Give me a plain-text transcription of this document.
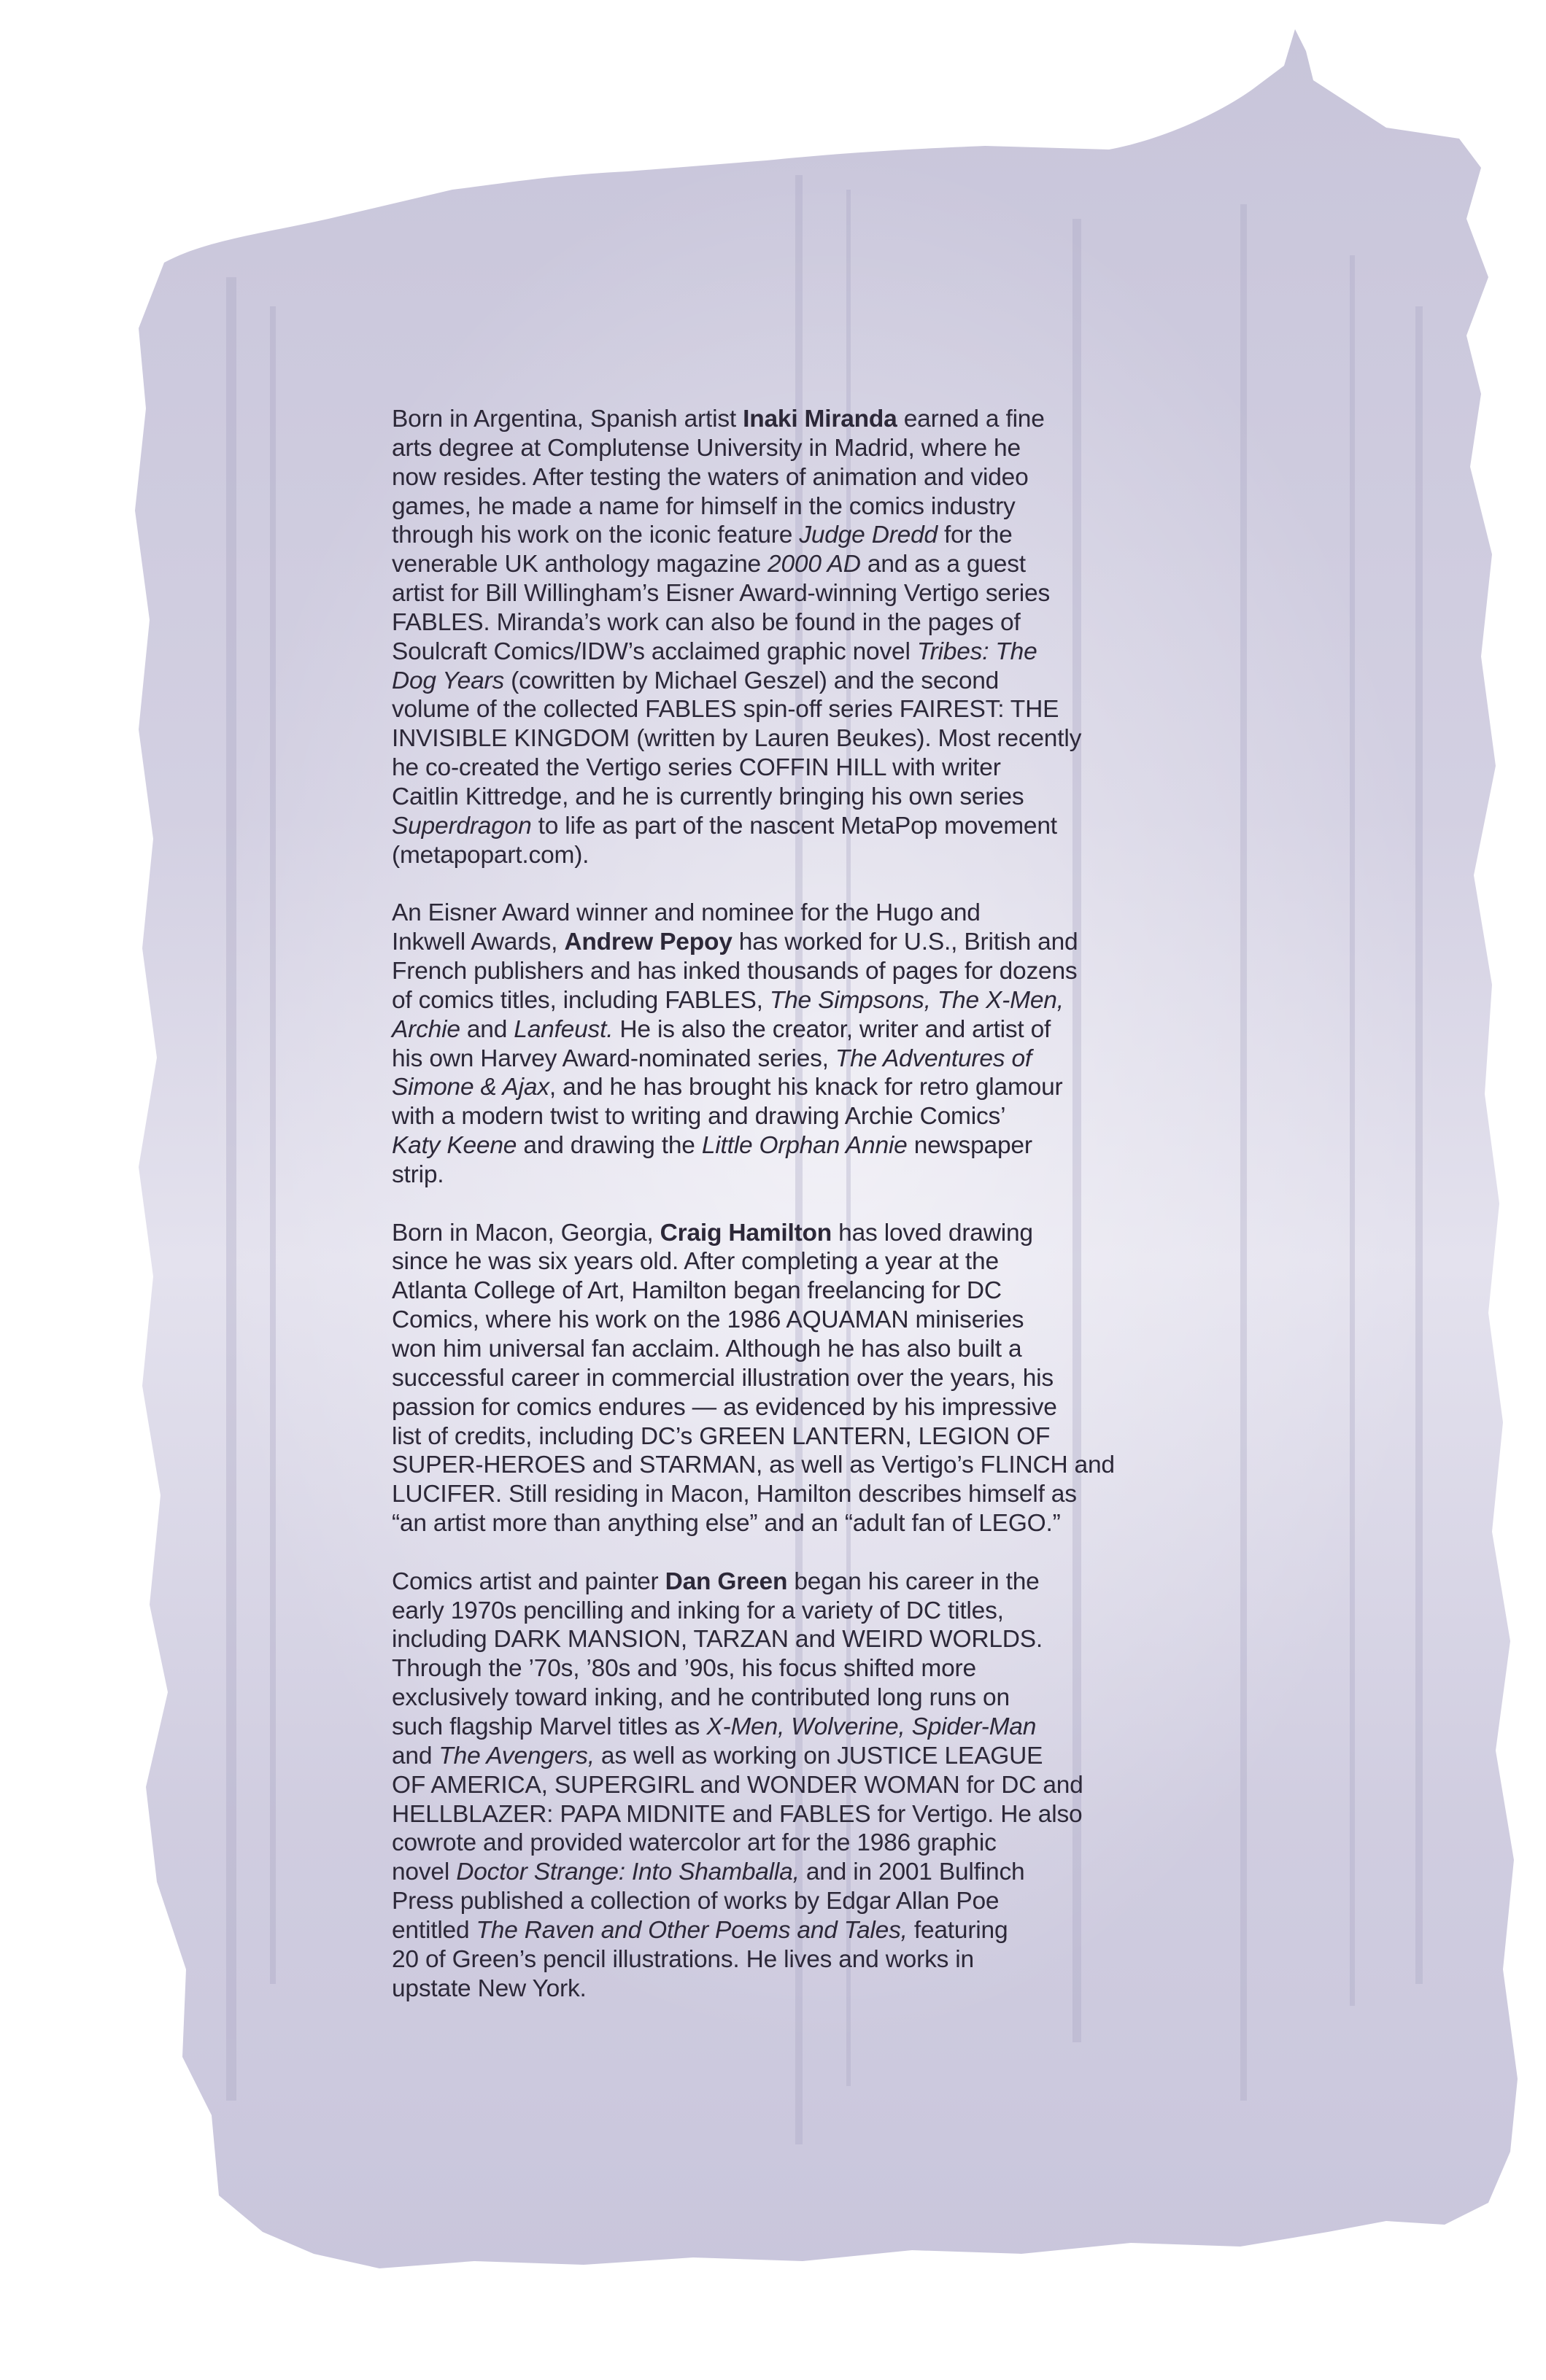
Born in Argentina, Spanish artist Inaki Miranda earned a fine
arts degree at Complutense University in Madrid, where he
now resides. After testing the waters of animation and video
games, he made a name for himself in the comics industry
through his work on the iconic feature Judge Dredd for the
venerable UK anthology magazine 2000 AD and as a guest
artist for Bill Willingham’s Eisner Award-winning Vertigo series
FABLES. Miranda’s work can also be found in the pages of
Soulcraft Comics/IDW’s acclaimed graphic novel Tribes: The
Dog Years (cowritten by Michael Geszel) and the second
volume of the collected FABLES spin-off series FAIREST: THE
INVISIBLE KINGDOM (written by Lauren Beukes). Most recently
he co-created the Vertigo series COFFIN HILL with writer
Caitlin Kittredge, and he is currently bringing his own series
Superdragon to life as part of the nascent MetaPop movement
(metapopart.com).
An Eisner Award winner and nominee for the Hugo and
Inkwell Awards, Andrew Pepoy has worked for U.S., British and
French publishers and has inked thousands of pages for dozens
of comics titles, including FABLES, The Simpsons, The X-Men,
Archie and Lanfeust. He is also the creator, writer and artist of
his own Harvey Award-nominated series, The Adventures of
Simone & Ajax, and he has brought his knack for retro glamour
with a modern twist to writing and drawing Archie Comics’
Katy Keene and drawing the Little Orphan Annie newspaper
strip.
Born in Macon, Georgia, Craig Hamilton has loved drawing
since he was six years old. After completing a year at the
Atlanta College of Art, Hamilton began freelancing for DC
Comics, where his work on the 1986 AQUAMAN miniseries
won him universal fan acclaim. Although he has also built a
successful career in commercial illustration over the years, his
passion for comics endures — as evidenced by his impressive
list of credits, including DC’s GREEN LANTERN, LEGION OF
SUPER-HEROES and STARMAN, as well as Vertigo’s FLINCH and
LUCIFER. Still residing in Macon, Hamilton describes himself as
“an artist more than anything else” and an “adult fan of LEGO.”
Comics artist and painter Dan Green began his career in the
early 1970s pencilling and inking for a variety of DC titles,
including DARK MANSION, TARZAN and WEIRD WORLDS.
Through the ’70s, ’80s and ’90s, his focus shifted more
exclusively toward inking, and he contributed long runs on
such flagship Marvel titles as X-Men, Wolverine, Spider-Man
and The Avengers, as well as working on JUSTICE LEAGUE
OF AMERICA, SUPERGIRL and WONDER WOMAN for DC and
HELLBLAZER: PAPA MIDNITE and FABLES for Vertigo. He also
cowrote and provided watercolor art for the 1986 graphic
novel Doctor Strange: Into Shamballa, and in 2001 Bulfinch
Press published a collection of works by Edgar Allan Poe
entitled The Raven and Other Poems and Tales, featuring
20 of Green’s pencil illustrations. He lives and works in
upstate New York.
